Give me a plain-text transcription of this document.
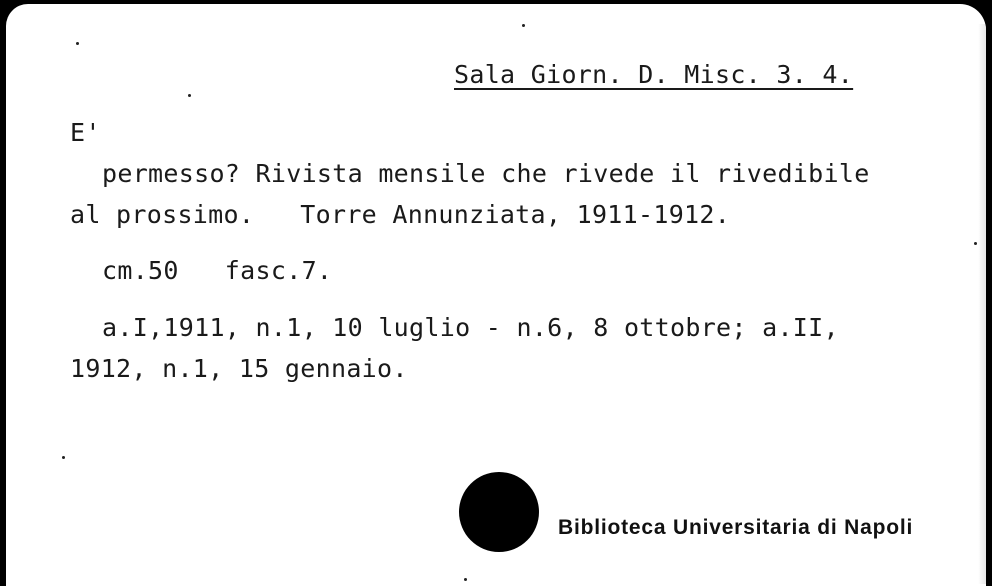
Sala Giorn. D. Misc. 3. 4.
E'
permesso? Rivista mensile che rivede il rivedibile
al prossimo.   Torre Annunziata, 1911-1912.
cm.50   fasc.7.
a.I,1911, n.1, 10 luglio - n.6, 8 ottobre; a.II,
1912, n.1, 15 gennaio.
Biblioteca Universitaria di Napoli
